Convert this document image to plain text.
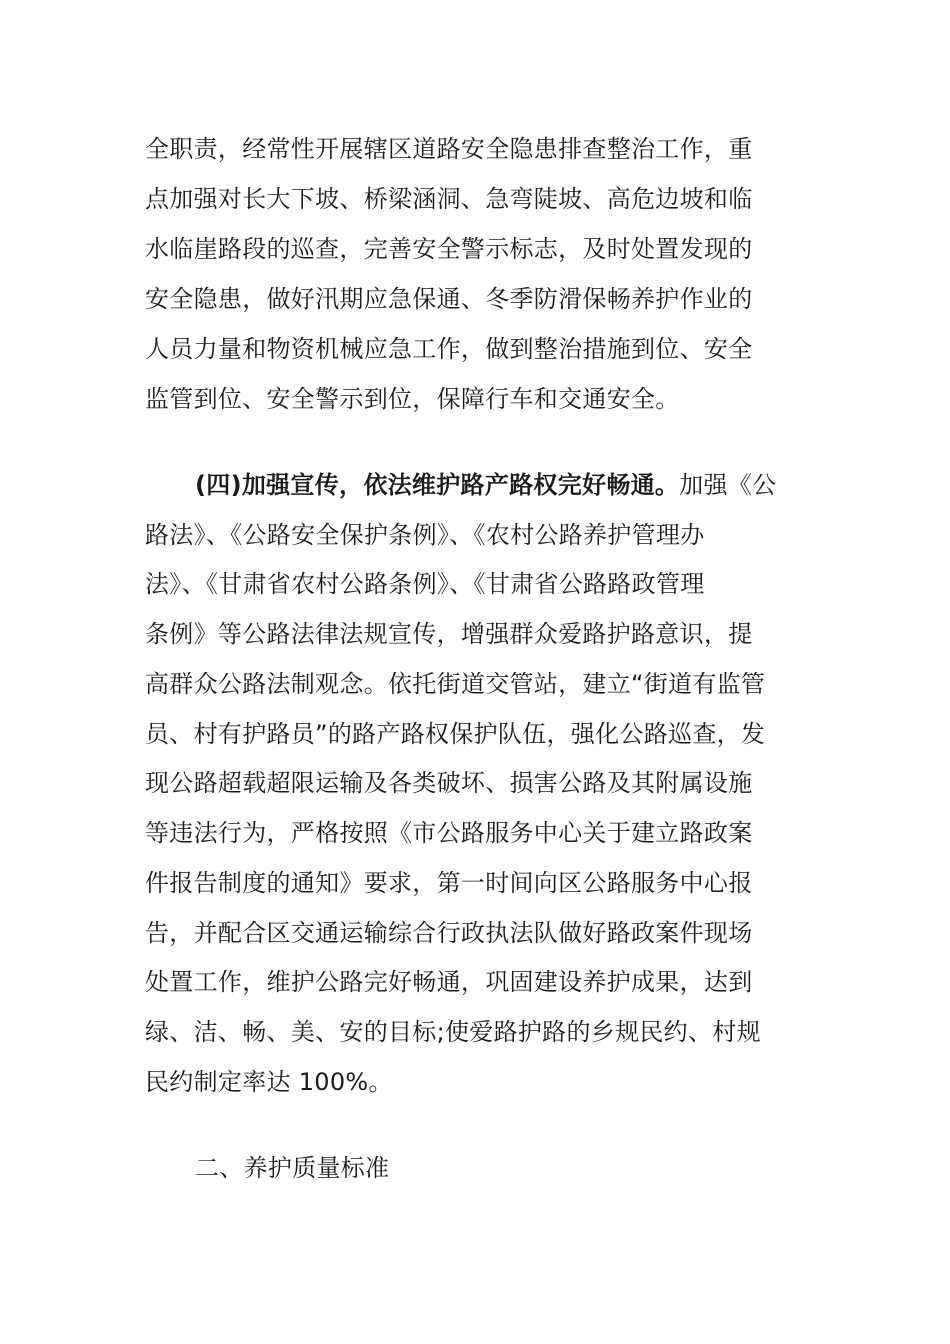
全职责，经常性开展辖区道路安全隐患排查整治工作，重
点加强对长大下坡、桥梁涵洞、急弯陡坡、高危边坡和临
水临崖路段的巡查，完善安全警示标志，及时处置发现的
安全隐患，做好汛期应急保通、冬季防滑保畅养护作业的
人员力量和物资机械应急工作，做到整治措施到位、安全
监管到位、安全警示到位，保障行车和交通安全。
(四)加强宣传，依法维护路产路权完好畅通。加强《公
路法》、《公路安全保护条例》、《农村公路养护管理办
法》、《甘肃省农村公路条例》、《甘肃省公路路政管理
条例》等公路法律法规宣传，增强群众爱路护路意识，提
高群众公路法制观念。依托街道交管站，建立“街道有监管
员、村有护路员”的路产路权保护队伍，强化公路巡查，发
现公路超载超限运输及各类破坏、损害公路及其附属设施
等违法行为，严格按照《市公路服务中心关于建立路政案
件报告制度的通知》要求，第一时间向区公路服务中心报
告，并配合区交通运输综合行政执法队做好路政案件现场
处置工作，维护公路完好畅通，巩固建设养护成果，达到
绿、洁、畅、美、安的目标;使爱路护路的乡规民约、村规
民约制定率达 100%。
二、养护质量标准
